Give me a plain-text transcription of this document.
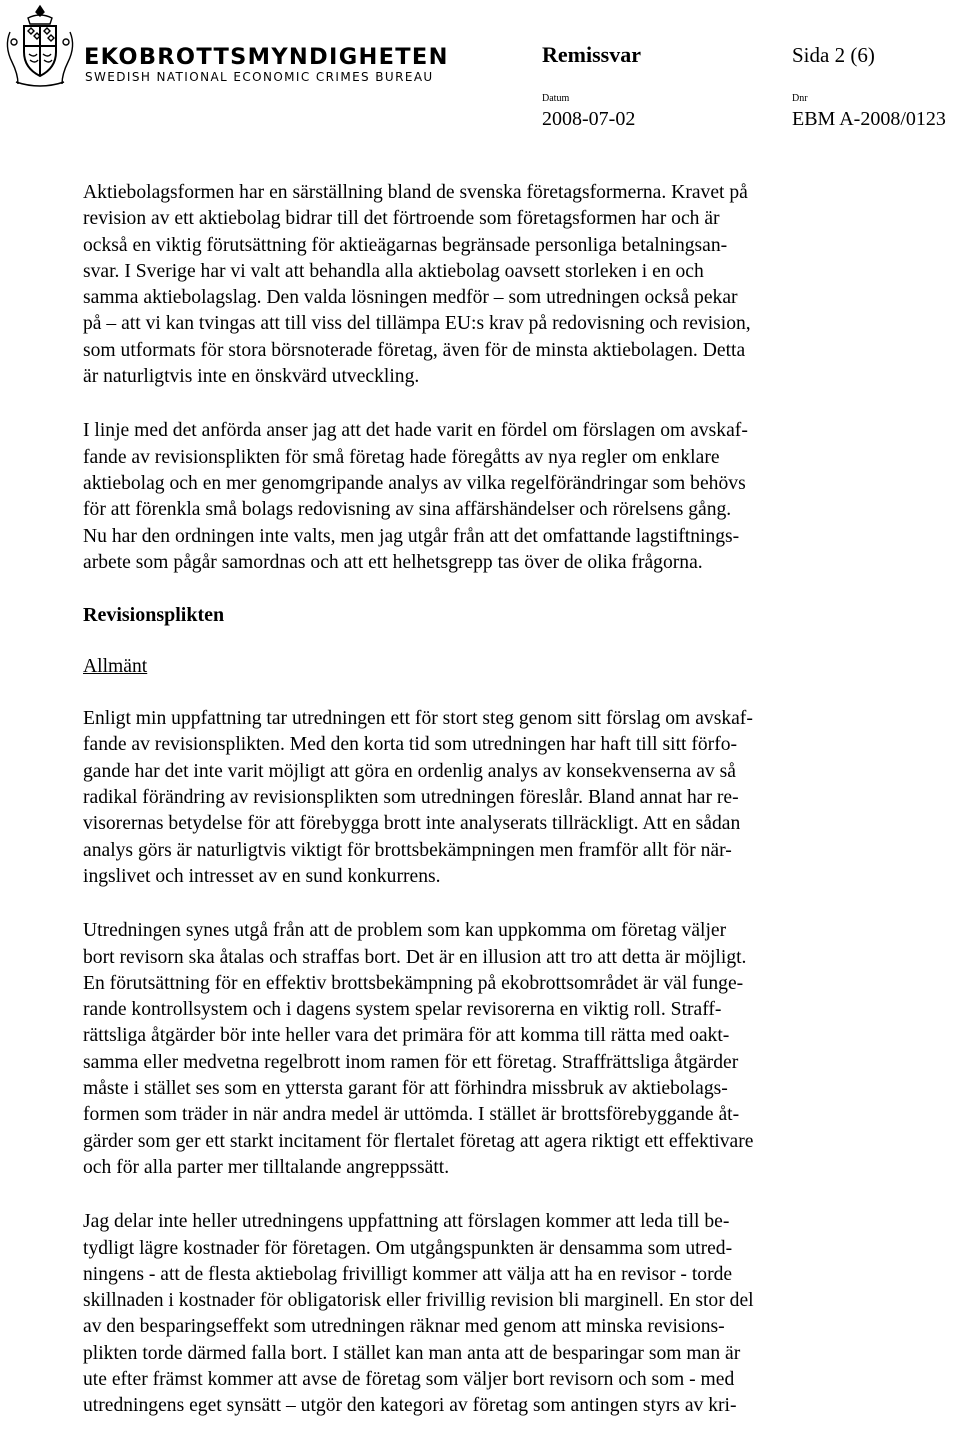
EKOBROTTSMYNDIGHETEN
SWEDISH NATIONAL ECONOMIC CRIMES BUREAU
Remissvar	Sida 2 (6)
Datum	Dnr
2008-07-02	EBM A-2008/0123

Aktiebolagsformen har en särställning bland de svenska företagsformerna. Kravet på
revision av ett aktiebolag bidrar till det förtroende som företagsformen har och är
också en viktig förutsättning för aktieägarnas begränsade personliga betalningsan-
svar. I Sverige har vi valt att behandla alla aktiebolag oavsett storleken i en och
samma aktiebolagslag. Den valda lösningen medför – som utredningen också pekar
på – att vi kan tvingas att till viss del tillämpa EU:s krav på redovisning och revision,
som utformats för stora börsnoterade företag, även för de minsta aktiebolagen. Detta
är naturligtvis inte en önskvärd utveckling.

I linje med det anförda anser jag att det hade varit en fördel om förslagen om avskaf-
fande av revisionsplikten för små företag hade föregåtts av nya regler om enklare
aktiebolag och en mer genomgripande analys av vilka regelförändringar som behövs
för att förenkla små bolags redovisning av sina affärshändelser och rörelsens gång.
Nu har den ordningen inte valts, men jag utgår från att det omfattande lagstiftnings-
arbete som pågår samordnas och att ett helhetsgrepp tas över de olika frågorna.

Revisionsplikten
Allmänt

Enligt min uppfattning tar utredningen ett för stort steg genom sitt förslag om avskaf-
fande av revisionsplikten. Med den korta tid som utredningen har haft till sitt förfo-
gande har det inte varit möjligt att göra en ordenlig analys av konsekvenserna av så
radikal förändring av revisionsplikten som utredningen föreslår. Bland annat har re-
visorernas betydelse för att förebygga brott inte analyserats tillräckligt. Att en sådan
analys görs är naturligtvis viktigt för brottsbekämpningen men framför allt för när-
ingslivet och intresset av en sund konkurrens.

Utredningen synes utgå från att de problem som kan uppkomma om företag väljer
bort revisorn ska åtalas och straffas bort. Det är en illusion att tro att detta är möjligt.
En förutsättning för en effektiv brottsbekämpning på ekobrottsområdet är väl funge-
rande kontrollsystem och i dagens system spelar revisorerna en viktig roll. Straff-
rättsliga åtgärder bör inte heller vara det primära för att komma till rätta med oakt-
samma eller medvetna regelbrott inom ramen för ett företag. Straffrättsliga åtgärder
måste i stället ses som en yttersta garant för att förhindra missbruk av aktiebolags-
formen som träder in när andra medel är uttömda. I stället är brottsförebyggande åt-
gärder som ger ett starkt incitament för flertalet företag att agera riktigt ett effektivare
och för alla parter mer tilltalande angreppssätt.

Jag delar inte heller utredningens uppfattning att förslagen kommer att leda till be-
tydligt lägre kostnader för företagen. Om utgångspunkten är densamma som utred-
ningens - att de flesta aktiebolag frivilligt kommer att välja att ha en revisor - torde
skillnaden i kostnader för obligatorisk eller frivillig revision bli marginell. En stor del
av den besparingseffekt som utredningen räknar med genom att minska revisions-
plikten torde därmed falla bort. I stället kan man anta att de besparingar som man är
ute efter främst kommer att avse de företag som väljer bort revisorn och som - med
utredningens eget synsätt – utgör den kategori av företag som antingen styrs av kri-
